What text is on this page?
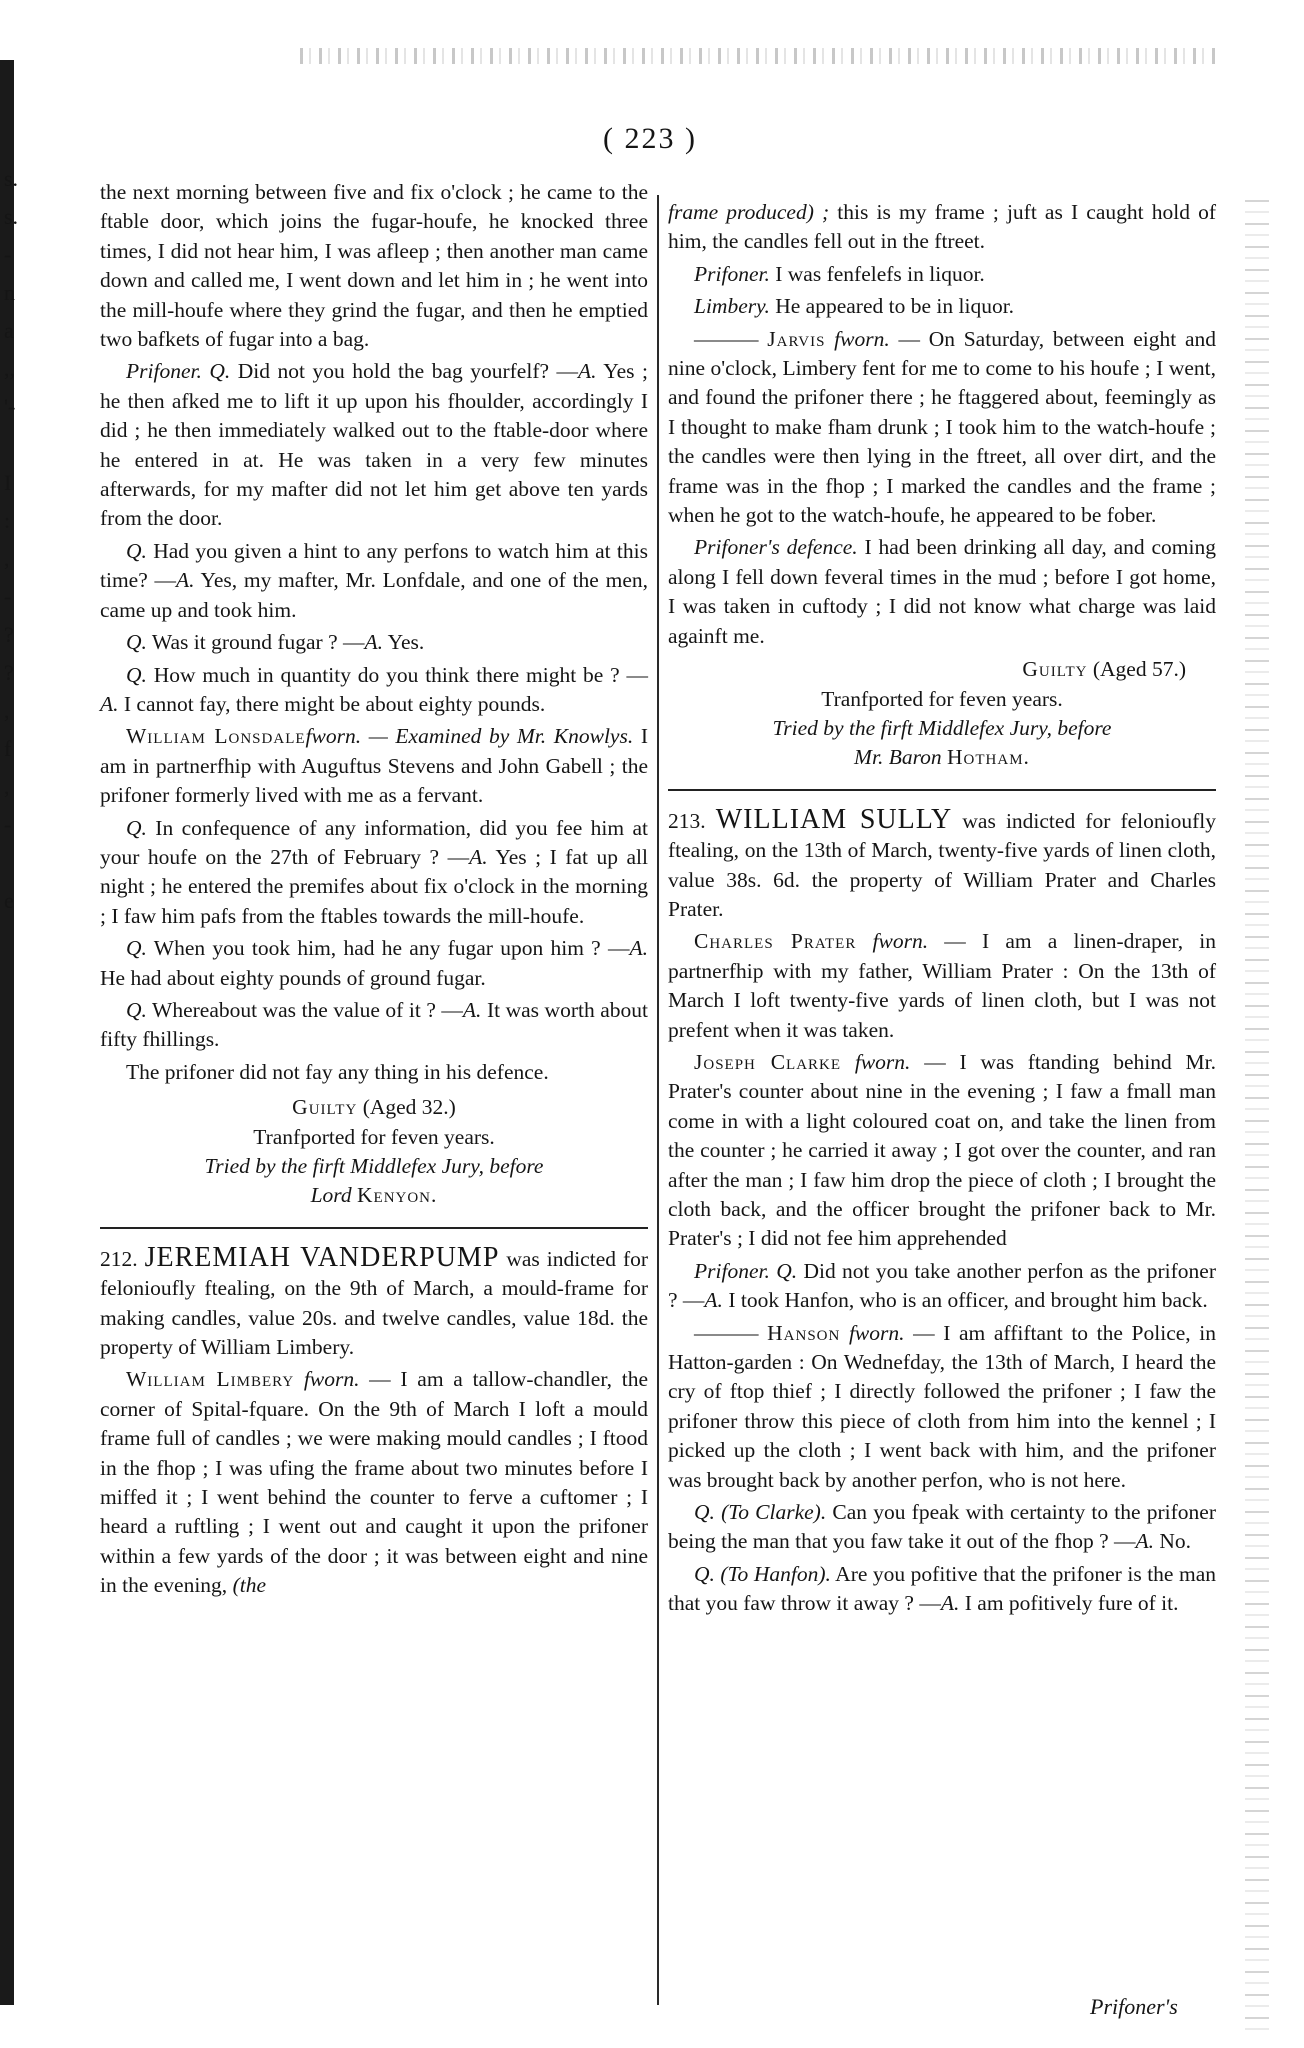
s.
s.
-
n
a
,,
'-
I
:
,
-
?
?
,
f
,
-
e
( 223 )

the next morning between five and fix o'clock ; he came to the ftable door, which joins the fugar-houfe, he knocked three times, I did not hear him, I was afleep ; then another man came down and called me, I went down and let him in ; he went into the mill-houfe where they grind the fugar, and then he emptied two bafkets of fugar into a bag.

Prifoner. Q. Did not you hold the bag yourfelf? —A. Yes ; he then afked me to lift it up upon his fhoulder, accordingly I did ; he then immediately walked out to the ftable-door where he entered in at. He was taken in a very few minutes afterwards, for my mafter did not let him get above ten yards from the door.

Q. Had you given a hint to any perfons to watch him at this time? —A. Yes, my mafter, Mr. Lonfdale, and one of the men, came up and took him.

Q. Was it ground fugar ? —A. Yes.

Q. How much in quantity do you think there might be ? —A. I cannot fay, there might be about eighty pounds.

William Lonsdalefworn. — Examined by Mr. Knowlys. I am in partnerfhip with Auguftus Stevens and John Gabell ; the prifoner formerly lived with me as a fervant.

Q. In confequence of any information, did you fee him at your houfe on the 27th of February ? —A. Yes ; I fat up all night ; he entered the premifes about fix o'clock in the morning ; I faw him pafs from the ftables towards the mill-houfe.

Q. When you took him, had he any fugar upon him ? —A. He had about eighty pounds of ground fugar.

Q. Whereabout was the value of it ? —A. It was worth about fifty fhillings.

The prifoner did not fay any thing in his defence.

Guilty (Aged 32.)

Tranfported for feven years.

Tried by the firft Middlefex Jury, before

Lord Kenyon.

212. JEREMIAH VANDERPUMP was indicted for felonioufly ftealing, on the 9th of March, a mould-frame for making candles, value 20s. and twelve candles, value 18d. the property of William Limbery.

William Limbery fworn. — I am a tallow-chandler, the corner of Spital-fquare. On the 9th of March I loft a mould frame full of candles ; we were making mould candles ; I ftood in the fhop ; I was ufing the frame about two minutes before I miffed it ; I went behind the counter to ferve a cuftomer ; I heard a ruftling ; I went out and caught it upon the prifoner within a few yards of the door ; it was between eight and nine in the evening, (the

frame produced) ; this is my frame ; juft as I caught hold of him, the candles fell out in the ftreet.

Prifoner. I was fenfelefs in liquor.

Limbery. He appeared to be in liquor.

——— Jarvis fworn. — On Saturday, between eight and nine o'clock, Limbery fent for me to come to his houfe ; I went, and found the prifoner there ; he ftaggered about, feemingly as I thought to make fham drunk ; I took him to the watch-houfe ; the candles were then lying in the ftreet, all over dirt, and the frame was in the fhop ; I marked the candles and the frame ; when he got to the watch-houfe, he appeared to be fober.

Prifoner's defence. I had been drinking all day, and coming along I fell down feveral times in the mud ; before I got home, I was taken in cuftody ; I did not know what charge was laid againft me.

Guilty (Aged 57.)

Tranfported for feven years.

Tried by the firft Middlefex Jury, before

Mr. Baron Hotham.

213. WILLIAM SULLY was indicted for felonioufly ftealing, on the 13th of March, twenty-five yards of linen cloth, value 38s. 6d. the property of William Prater and Charles Prater.

Charles Prater fworn. — I am a linen-draper, in partnerfhip with my father, William Prater : On the 13th of March I loft twenty-five yards of linen cloth, but I was not prefent when it was taken.

Joseph Clarke fworn. — I was ftanding behind Mr. Prater's counter about nine in the evening ; I faw a fmall man come in with a light coloured coat on, and take the linen from the counter ; he carried it away ; I got over the counter, and ran after the man ; I faw him drop the piece of cloth ; I brought the cloth back, and the officer brought the prifoner back to Mr. Prater's ; I did not fee him apprehended

Prifoner. Q. Did not you take another perfon as the prifoner ? —A. I took Hanfon, who is an officer, and brought him back.

——— Hanson fworn. — I am affiftant to the Police, in Hatton-garden : On Wednefday, the 13th of March, I heard the cry of ftop thief ; I directly followed the prifoner ; I faw the prifoner throw this piece of cloth from him into the kennel ; I picked up the cloth ; I went back with him, and the prifoner was brought back by another perfon, who is not here.

Q. (To Clarke). Can you fpeak with certainty to the prifoner being the man that you faw take it out of the fhop ? —A. No.

Q. (To Hanfon). Are you pofitive that the prifoner is the man that you faw throw it away ? —A. I am pofitively fure of it.

Prifoner's
